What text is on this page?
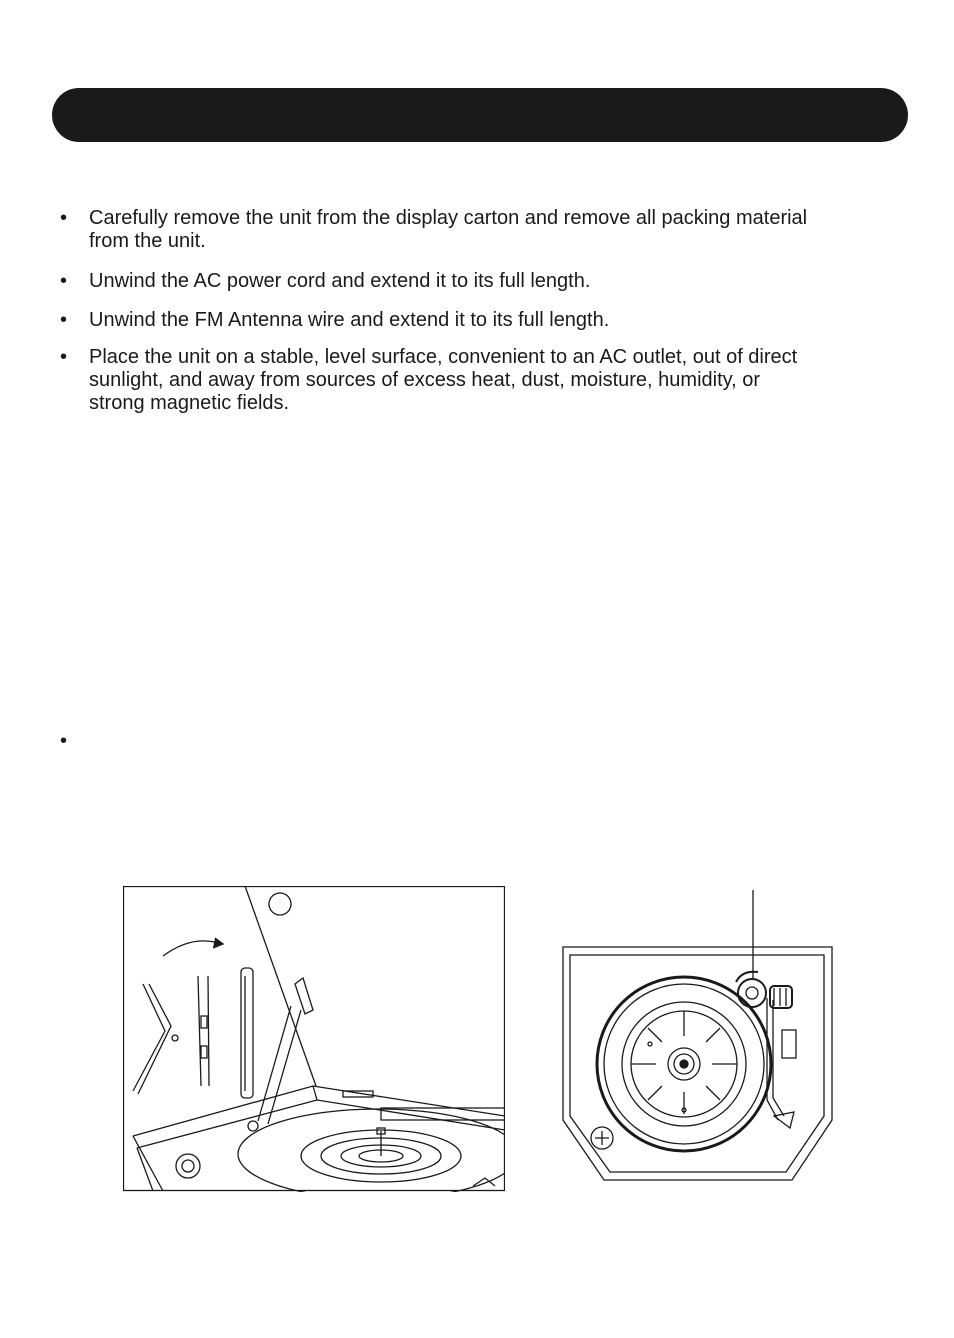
•	Carefully remove the unit from the display carton and remove all packing material
from the unit.
•	Unwind the AC power cord and extend it to its full length.
•	Unwind the FM Antenna wire and extend it to its full length.
•	Place the unit on a stable, level surface, convenient to an AC outlet, out of direct
sunlight, and away from sources of excess heat, dust, moisture, humidity, or
strong magnetic fields.
•
